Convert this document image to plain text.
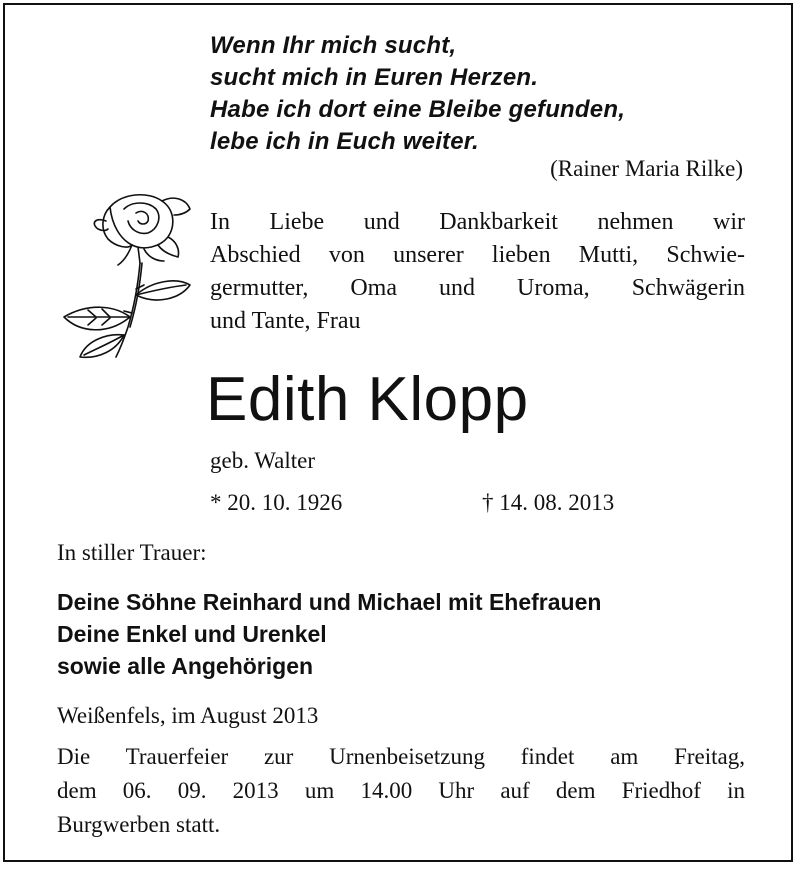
Wenn Ihr mich sucht,
sucht mich in Euren Herzen.
Habe ich dort eine Bleibe gefunden,
lebe ich in Euch weiter.
(Rainer Maria Rilke)
In Liebe und Dankbarkeit nehmen wir
Abschied von unserer lieben Mutti, Schwie-
germutter, Oma und Uroma, Schwägerin
und Tante, Frau
Edith Klopp
geb. Walter
* 20. 10. 1926	† 14. 08. 2013
In stiller Trauer:
Deine Söhne Reinhard und Michael mit Ehefrauen
Deine Enkel und Urenkel
sowie alle Angehörigen
Weißenfels, im August 2013
Die Trauerfeier zur Urnenbeisetzung findet am Freitag,
dem 06. 09. 2013 um 14.00 Uhr auf dem Friedhof in
Burgwerben statt.
